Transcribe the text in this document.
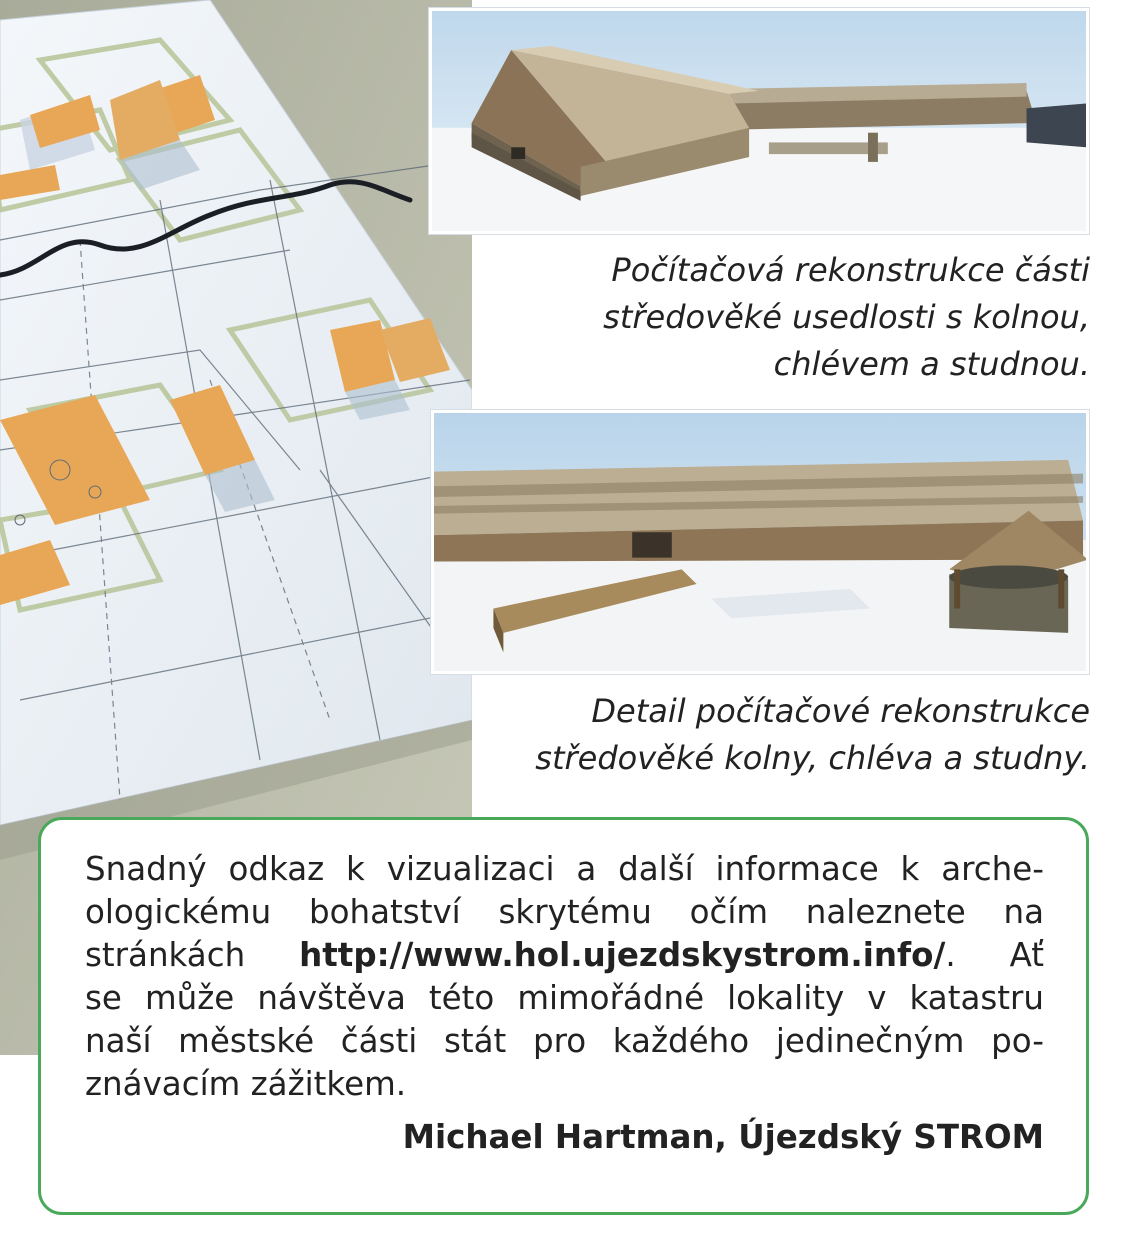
Počítačová rekonstrukce části
středověké usedlosti s kolnou,
chlévem a studnou.

Detail počítačové rekonstrukce
středověké kolny, chléva a studny.

Snadný odkaz k vizualizaci a další informace k arche-
ologickému bohatství skrytému očím naleznete na
stránkách http://www.hol.ujezdskystrom.info/. Ať
se může návštěva této mimořádné lokality v katastru
naší městské části stát pro každého jedinečným po-
znávacím zážitkem.

Michael Hartman, Újezdský STROM
